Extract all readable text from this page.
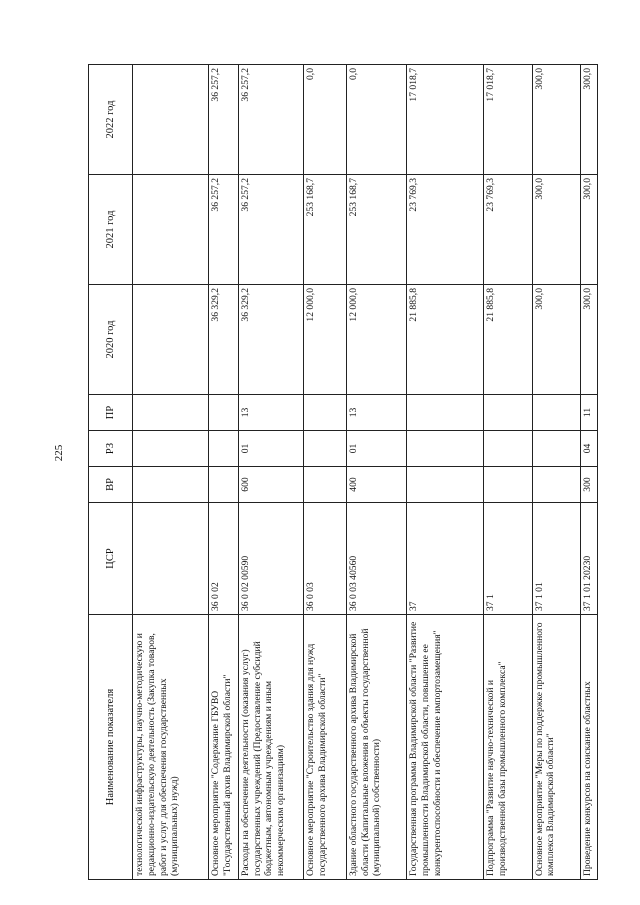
225
Наименование показателя	ЦСР	ВР	РЗ	ПР	2020 год	2021 год	2022 год
технологической инфраструктуры, научно-методическую и редакционно-издательскую деятельность (Закупка товаров, работ и услуг для обеспечения государственных (муниципальных) нужд)							
Основное мероприятие "Содержание ГБУВО "Государственный архив Владимирской области"	36 0 02				36 329,2	36 257,2	36 257,2
Расходы на обеспечение деятельности (оказания услуг) государственных учреждений (Предоставление субсидий бюджетным, автономным учреждениям и иным некоммерческим организациям)	36 0 02 00590	600	01	13	36 329,2	36 257,2	36 257,2
Основное мероприятие "Строительство здания для нужд государственного архива Владимирской области"	36 0 03				12 000,0	253 168,7	0,0
Здание областного государственного архива Владимирской области (Капитальные вложения в объекты государственной (муниципальной) собственности)	36 0 03 40560	400	01	13	12 000,0	253 168,7	0,0
Государственная программа Владимирской области "Развитие промышленности Владимирской области, повышение ее конкурентоспособности и обеспечение импортозамещения"	37				21 885,8	23 769,3	17 018,7
Подпрограмма "Развитие научно-технической и производственной базы промышленного комплекса"	37 1				21 885,8	23 769,3	17 018,7
Основное мероприятие "Меры по поддержке промышленного комплекса Владимирской области"	37 1 01				300,0	300,0	300,0
Проведение конкурсов на соискание областных	37 1 01 20230	300	04	11	300,0	300,0	300,0
